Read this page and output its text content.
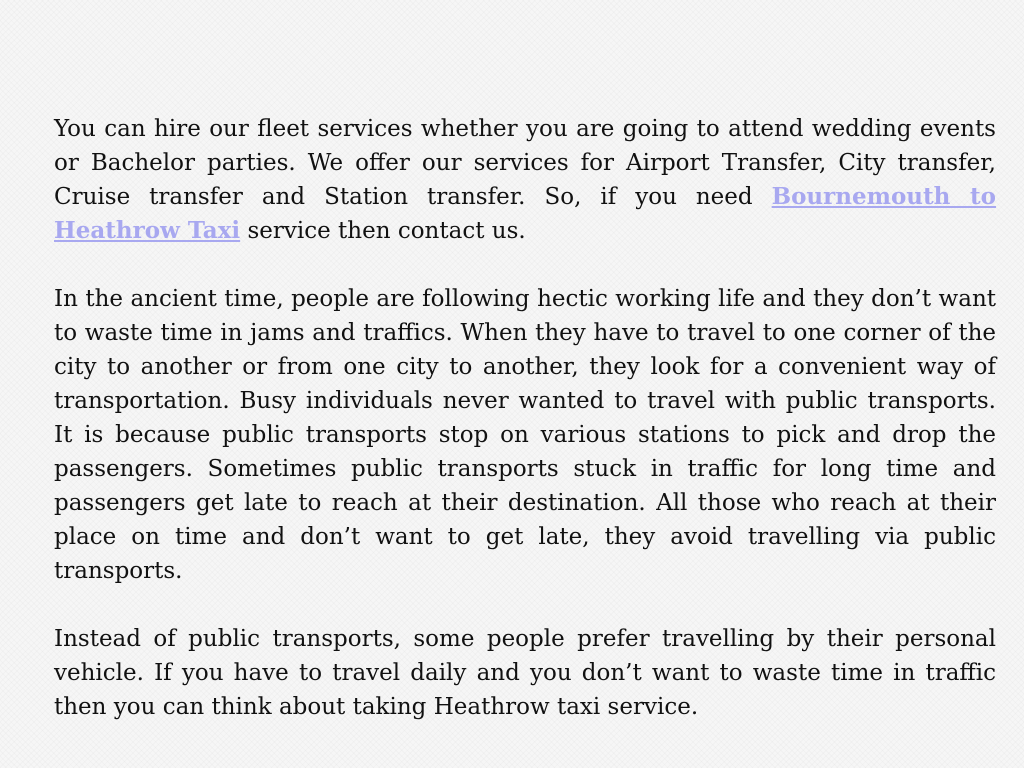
You can hire our fleet services whether you are going to attend wedding events or Bachelor parties. We offer our services for Airport Transfer, City transfer, Cruise transfer and Station transfer. So, if you need Bournemouth to Heathrow Taxi service then contact us.

In the ancient time, people are following hectic working life and they don’t want to waste time in jams and traffics. When they have to travel to one corner of the city to another or from one city to another, they look for a convenient way of transportation. Busy individuals never wanted to travel with public transports. It is because public transports stop on various stations to pick and drop the passengers. Sometimes public transports stuck in traffic for long time and passengers get late to reach at their destination. All those who reach at their place on time and don’t want to get late, they avoid travelling via public transports.

Instead of public transports, some people prefer travelling by their personal vehicle. If you have to travel daily and you don’t want to waste time in traffic then you can think about taking Heathrow taxi service.
